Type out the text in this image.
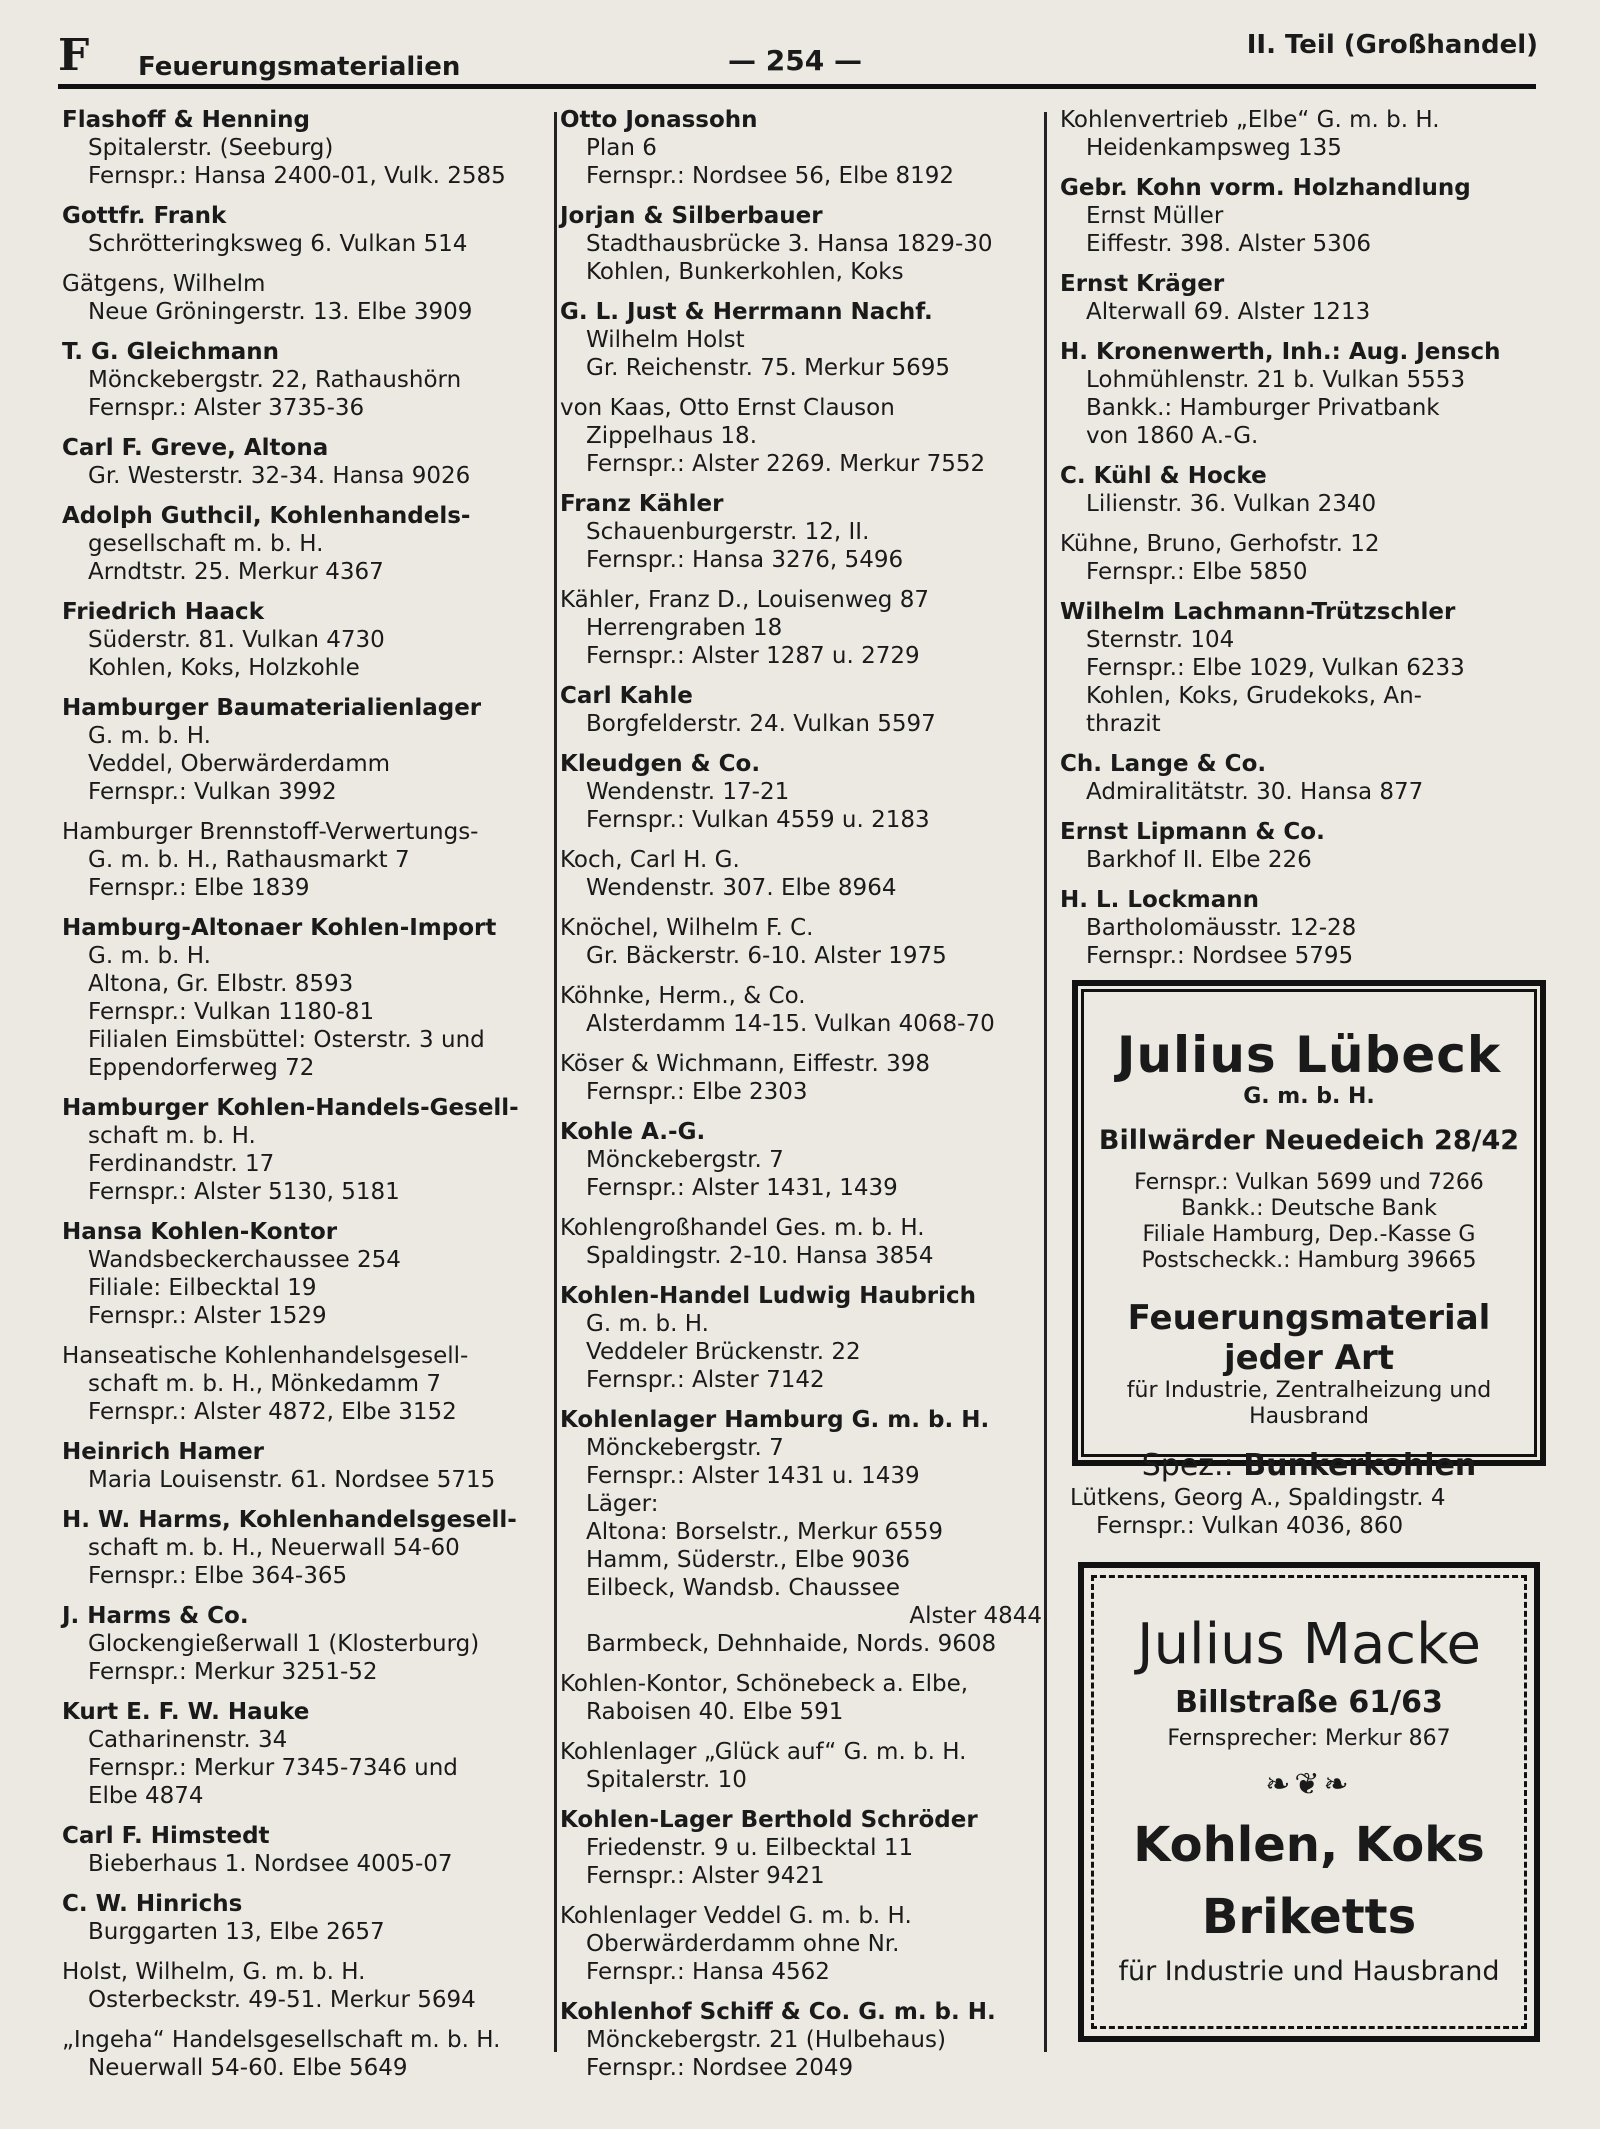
F Feuerungsmaterialien	— 254 —	II. Teil (Großhandel)
Flashoff & Henning
Spitalerstr. (Seeburg)
Fernspr.: Hansa 2400-01, Vulk. 2585
Gottfr. Frank
Schrötteringksweg 6. Vulkan 514
Gätgens, Wilhelm
Neue Gröningerstr. 13. Elbe 3909
T. G. Gleichmann
Mönckebergstr. 22, Rathaushörn
Fernspr.: Alster 3735-36
Carl F. Greve, Altona
Gr. Westerstr. 32-34. Hansa 9026
Adolph Guthcil, Kohlenhandels-
gesellschaft m. b. H.
Arndtstr. 25. Merkur 4367
Friedrich Haack
Süderstr. 81. Vulkan 4730
Kohlen, Koks, Holzkohle
Hamburger Baumaterialienlager
G. m. b. H.
Veddel, Oberwärderdamm
Fernspr.: Vulkan 3992
Hamburger Brennstoff-Verwertungs-
G. m. b. H., Rathausmarkt 7
Fernspr.: Elbe 1839
Hamburg-Altonaer Kohlen-Import
G. m. b. H.
Altona, Gr. Elbstr. 8593
Fernspr.: Vulkan 1180-81
Filialen Eimsbüttel: Osterstr. 3 und
Eppendorferweg 72
Hamburger Kohlen-Handels-Gesell-
schaft m. b. H.
Ferdinandstr. 17
Fernspr.: Alster 5130, 5181
Hansa Kohlen-Kontor
Wandsbeckerchaussee 254
Filiale: Eilbecktal 19
Fernspr.: Alster 1529
Hanseatische Kohlenhandelsgesell-
schaft m. b. H., Mönkedamm 7
Fernspr.: Alster 4872, Elbe 3152
Heinrich Hamer
Maria Louisenstr. 61. Nordsee 5715
H. W. Harms, Kohlenhandelsgesell-
schaft m. b. H., Neuerwall 54-60
Fernspr.: Elbe 364-365
J. Harms & Co.
Glockengießerwall 1 (Klosterburg)
Fernspr.: Merkur 3251-52
Kurt E. F. W. Hauke
Catharinenstr. 34
Fernspr.: Merkur 7345-7346 und
Elbe 4874
Carl F. Himstedt
Bieberhaus 1. Nordsee 4005-07
C. W. Hinrichs
Burggarten 13, Elbe 2657
Holst, Wilhelm, G. m. b. H.
Osterbeckstr. 49-51. Merkur 5694
„Ingeha“ Handelsgesellschaft m. b. H.
Neuerwall 54-60. Elbe 5649
Otto Jonassohn
Plan 6
Fernspr.: Nordsee 56, Elbe 8192
Jorjan & Silberbauer
Stadthausbrücke 3. Hansa 1829-30
Kohlen, Bunkerkohlen, Koks
G. L. Just & Herrmann Nachf.
Wilhelm Holst
Gr. Reichenstr. 75. Merkur 5695
von Kaas, Otto Ernst Clauson
Zippelhaus 18.
Fernspr.: Alster 2269. Merkur 7552
Franz Kähler
Schauenburgerstr. 12, II.
Fernspr.: Hansa 3276, 5496
Kähler, Franz D., Louisenweg 87
Herrengraben 18
Fernspr.: Alster 1287 u. 2729
Carl Kahle
Borgfelderstr. 24. Vulkan 5597
Kleudgen & Co.
Wendenstr. 17-21
Fernspr.: Vulkan 4559 u. 2183
Koch, Carl H. G.
Wendenstr. 307. Elbe 8964
Knöchel, Wilhelm F. C.
Gr. Bäckerstr. 6-10. Alster 1975
Köhnke, Herm., & Co.
Alsterdamm 14-15. Vulkan 4068-70
Köser & Wichmann, Eiffestr. 398
Fernspr.: Elbe 2303
Kohle A.-G.
Mönckebergstr. 7
Fernspr.: Alster 1431, 1439
Kohlengroßhandel Ges. m. b. H.
Spaldingstr. 2-10. Hansa 3854
Kohlen-Handel Ludwig Haubrich
G. m. b. H.
Veddeler Brückenstr. 22
Fernspr.: Alster 7142
Kohlenlager Hamburg G. m. b. H.
Mönckebergstr. 7
Fernspr.: Alster 1431 u. 1439
Läger:
Altona: Borselstr., Merkur 6559
Hamm, Süderstr., Elbe 9036
Eilbeck, Wandsb. Chaussee
Alster 4844
Barmbeck, Dehnhaide, Nords. 9608
Kohlen-Kontor, Schönebeck a. Elbe,
Raboisen 40. Elbe 591
Kohlenlager „Glück auf“ G. m. b. H.
Spitalerstr. 10
Kohlen-Lager Berthold Schröder
Friedenstr. 9 u. Eilbecktal 11
Fernspr.: Alster 9421
Kohlenlager Veddel G. m. b. H.
Oberwärderdamm ohne Nr.
Fernspr.: Hansa 4562
Kohlenhof Schiff & Co. G. m. b. H.
Mönckebergstr. 21 (Hulbehaus)
Fernspr.: Nordsee 2049
Kohlenvertrieb „Elbe“ G. m. b. H.
Heidenkampsweg 135
Gebr. Kohn vorm. Holzhandlung
Ernst Müller
Eiffestr. 398. Alster 5306
Ernst Kräger
Alterwall 69. Alster 1213
H. Kronenwerth, Inh.: Aug. Jensch
Lohmühlenstr. 21 b. Vulkan 5553
Bankk.: Hamburger Privatbank
von 1860 A.-G.
C. Kühl & Hocke
Lilienstr. 36. Vulkan 2340
Kühne, Bruno, Gerhofstr. 12
Fernspr.: Elbe 5850
Wilhelm Lachmann-Trützschler
Sternstr. 104
Fernspr.: Elbe 1029, Vulkan 6233
Kohlen, Koks, Grudekoks, An-
thrazit
Ch. Lange & Co.
Admiralitätstr. 30. Hansa 877
Ernst Lipmann & Co.
Barkhof II. Elbe 226
H. L. Lockmann
Bartholomäusstr. 12-28
Fernspr.: Nordsee 5795
Julius Lübeck
G. m. b. H.
Billwärder Neuedeich 28/42
Fernspr.: Vulkan 5699 und 7266
Bankk.: Deutsche Bank
Filiale Hamburg, Dep.-Kasse G
Postscheckk.: Hamburg 39665
Feuerungsmaterial jeder Art
für Industrie, Zentralheizung und
Hausbrand
Spez.: Bunkerkohlen
Lütkens, Georg A., Spaldingstr. 4
Fernspr.: Vulkan 4036, 860
Julius Macke
Billstraße 61/63
Fernsprecher: Merkur 867
❧❦❧
Kohlen, Koks
Briketts
für Industrie und Hausbrand
